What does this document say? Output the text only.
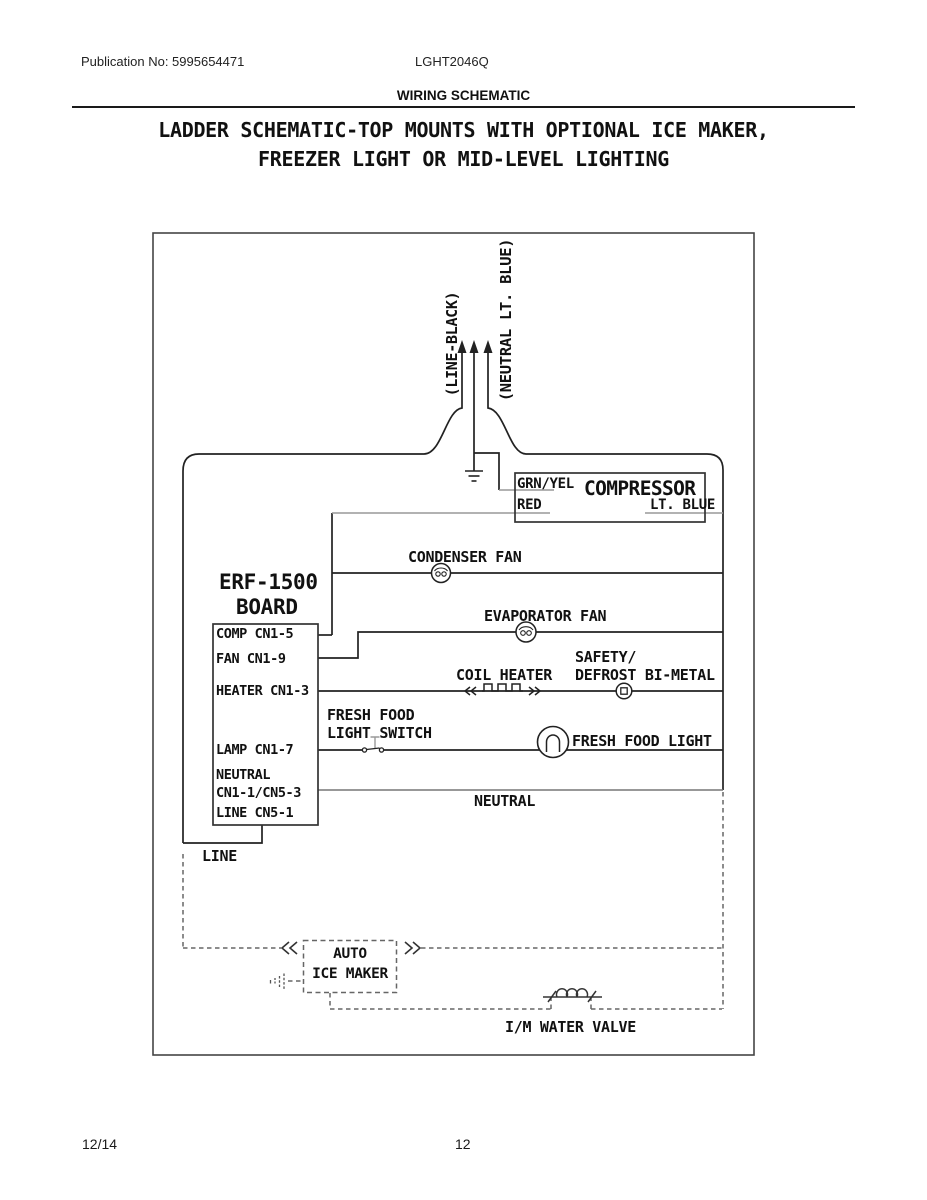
Publication No: 5995654471	LGHT2046Q
WIRING SCHEMATIC
LADDER SCHEMATIC-TOP MOUNTS WITH OPTIONAL ICE MAKER,
FREEZER LIGHT OR MID-LEVEL LIGHTING
(LINE-BLACK) (NEUTRAL LT. BLUE)
GRN/YEL COMPRESSOR
RED	LT. BLUE
ERF-1500
BOARD
COMP CN1-5
FAN CN1-9
HEATER CN1-3
LAMP CN1-7
NEUTRAL
CN1-1/CN5-3
LINE CN5-1
CONDENSER FAN
EVAPORATOR FAN
COIL HEATER
SAFETY/
DEFROST BI-METAL
FRESH FOOD
LIGHT SWITCH	FRESH FOOD LIGHT
NEUTRAL
LINE
AUTO
ICE MAKER
I/M WATER VALVE
12/14	12
